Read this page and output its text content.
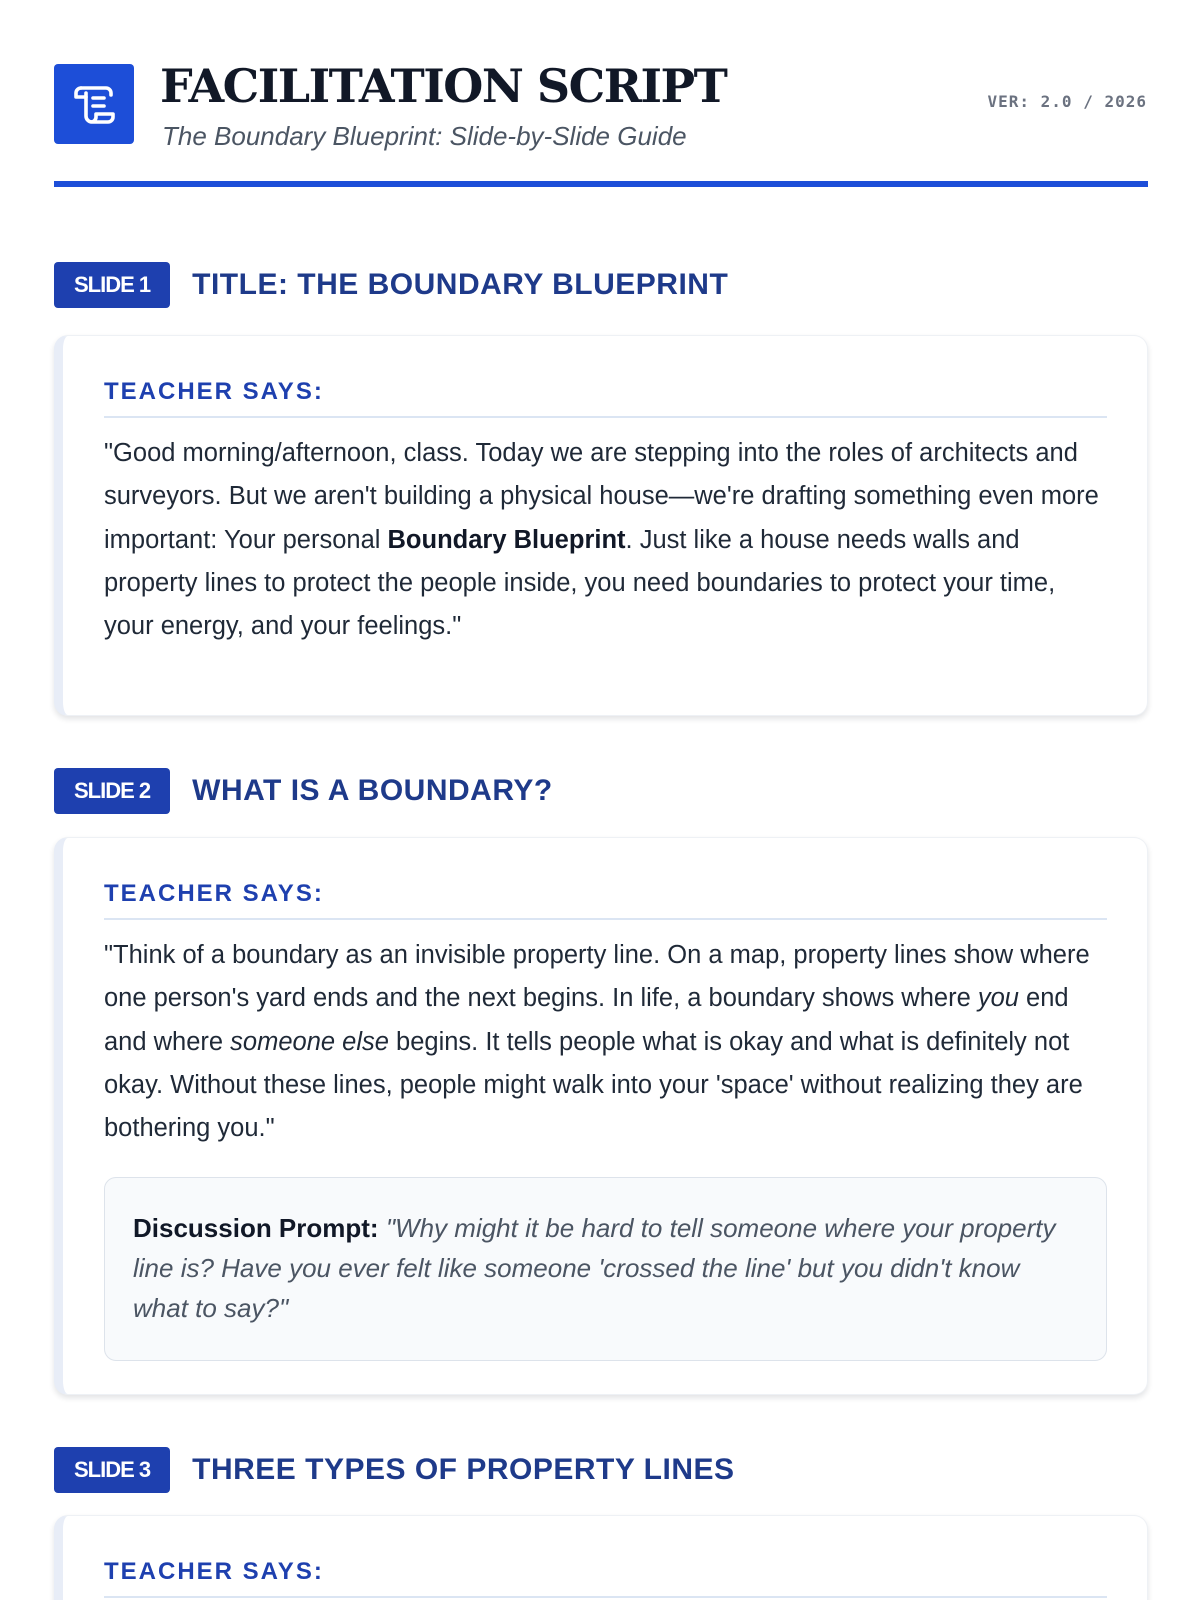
FACILITATION SCRIPT
The Boundary Blueprint: Slide-by-Slide Guide
VER: 2.0 / 2026
SLIDE 1	TITLE: THE BOUNDARY BLUEPRINT
TEACHER SAYS:
"Good morning/afternoon, class. Today we are stepping into the roles of architects and surveyors. But we aren't building a physical house—we're drafting something even more important: Your personal Boundary Blueprint. Just like a house needs walls and property lines to protect the people inside, you need boundaries to protect your time, your energy, and your feelings."
SLIDE 2	WHAT IS A BOUNDARY?
TEACHER SAYS:
"Think of a boundary as an invisible property line. On a map, property lines show where one person's yard ends and the next begins. In life, a boundary shows where you end and where someone else begins. It tells people what is okay and what is definitely not okay. Without these lines, people might walk into your 'space' without realizing they are bothering you."
Discussion Prompt: "Why might it be hard to tell someone where your property line is? Have you ever felt like someone 'crossed the line' but you didn't know what to say?"
SLIDE 3	THREE TYPES OF PROPERTY LINES
TEACHER SAYS:
